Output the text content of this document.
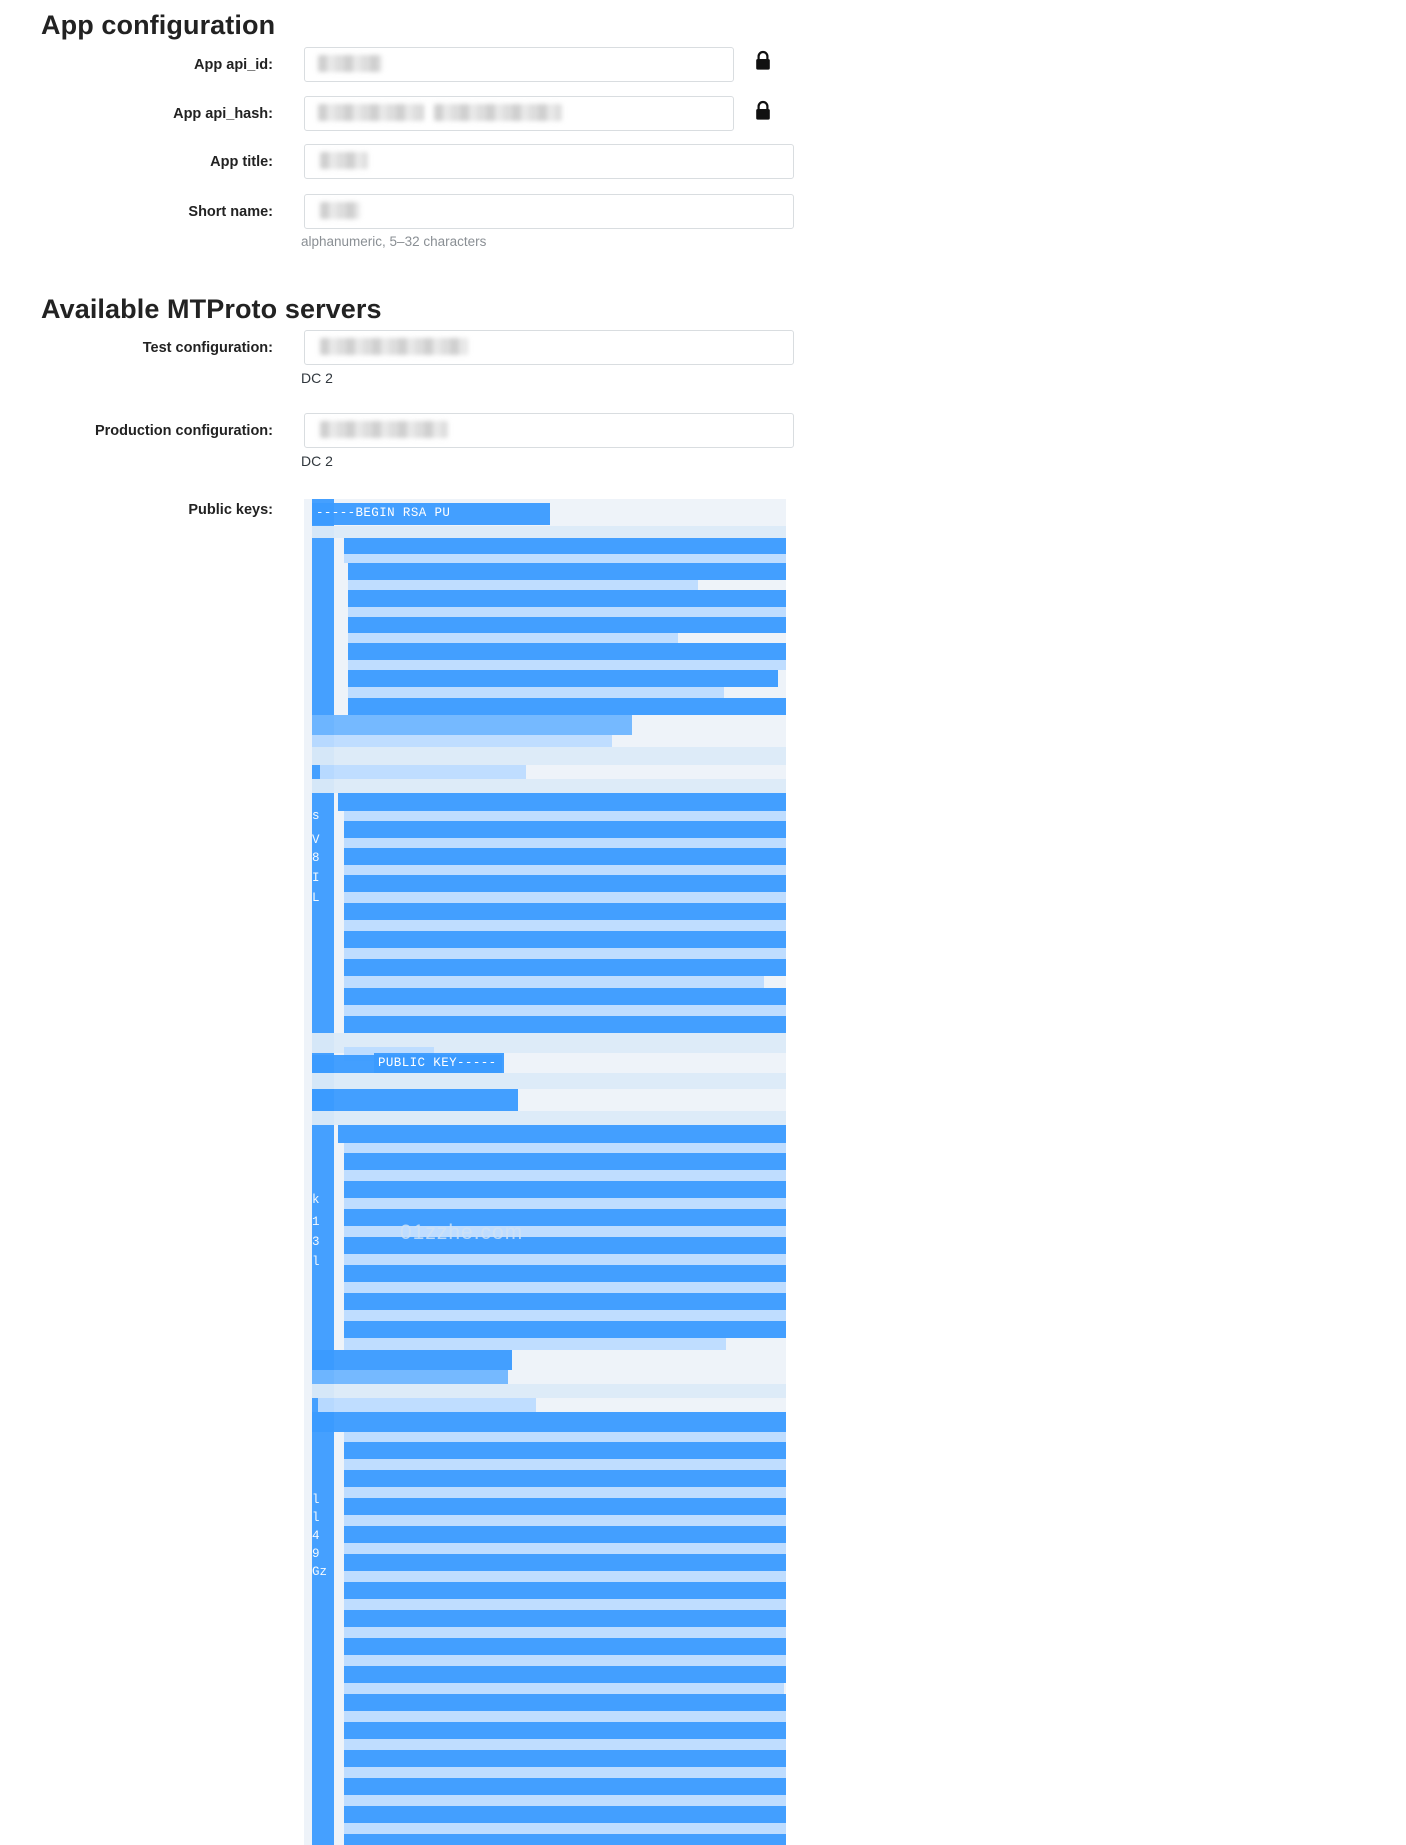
App configuration
App api_id:
App api_hash:
App title:
Short name:
alphanumeric, 5–32 characters
Available MTProto servers
Test configuration:
DC 2
Production configuration:
DC 2
Public keys:	-----BEGIN RSA PU
PUBLIC KEY-----
s
V
8
I
L
k
1
3
l
l
l
4
9
Gz
01zzhe.com
